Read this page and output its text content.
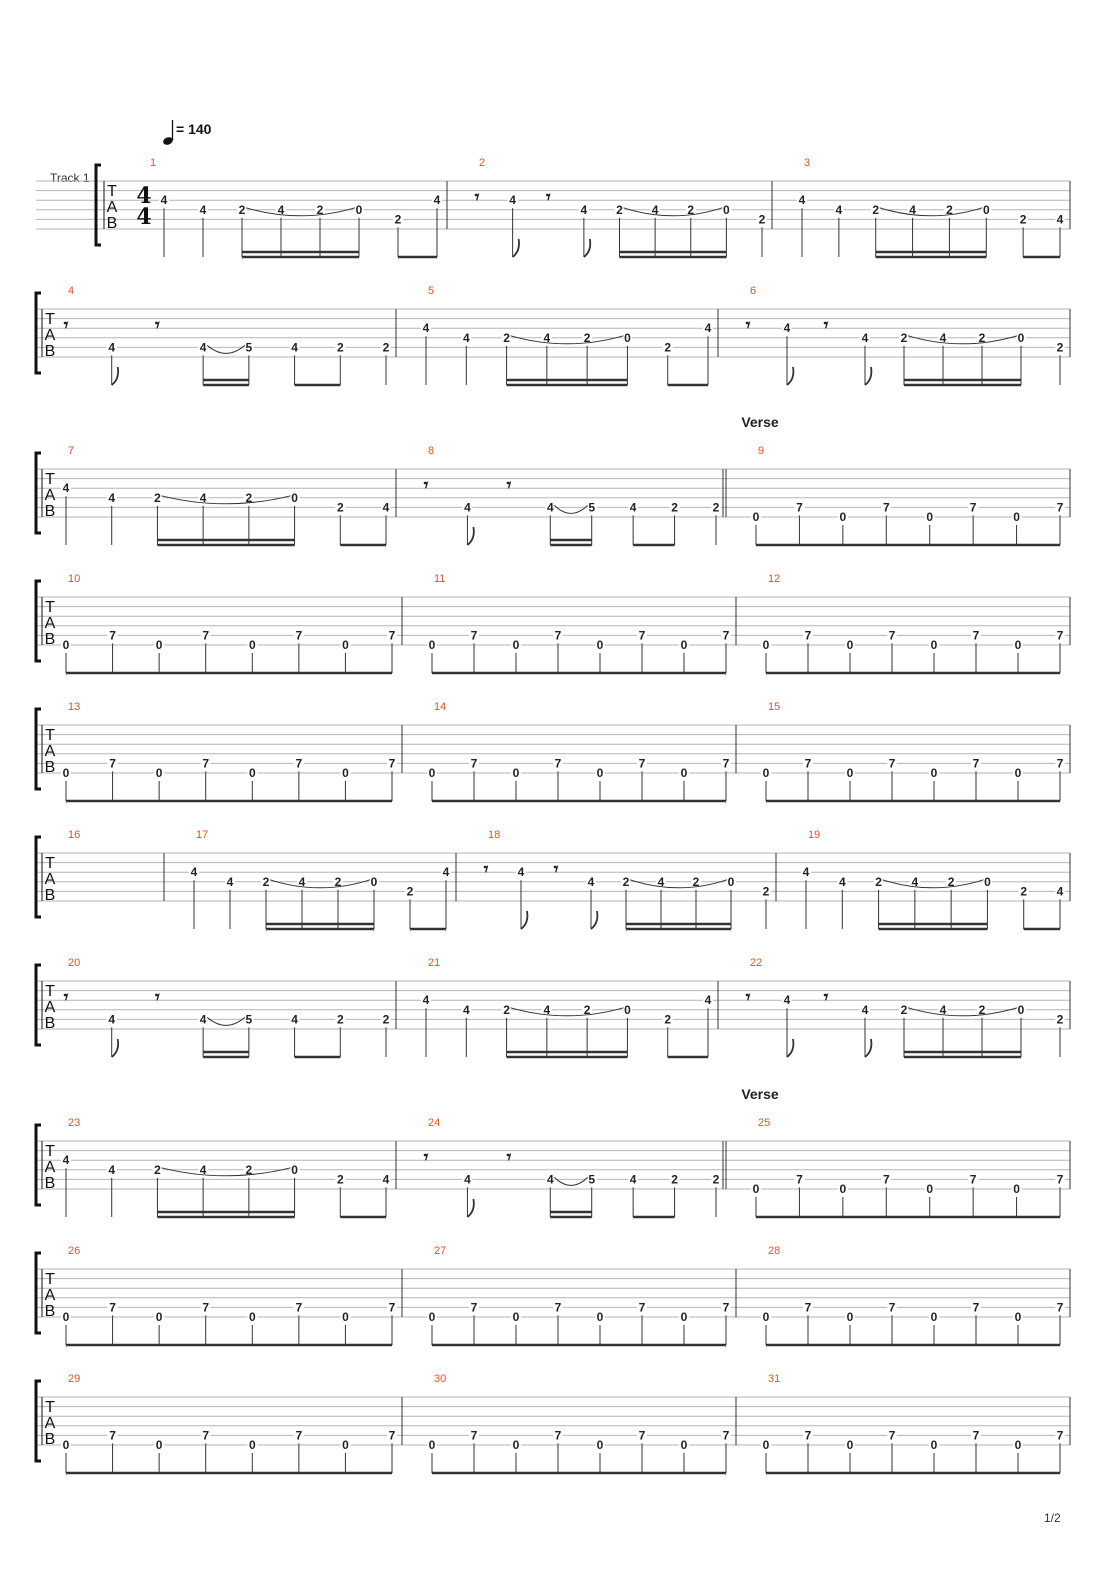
= 140
Track 1
T
A
B
4
4
1
4
4	2	4	2	0
2
4
2
𝄾 4 𝄾
4 2 4 2 0
2
3
4
4	2	4	2	0
2	4
T
A
B
4
𝄾
4
𝄾
4	5	4	2	2
5
4
4	2	4	2	0
2
4
6
𝄾	4 𝄾
4	2	4	2	0
2
T
A
B
7
4
4	2	4	2	0
2	4
8
𝄾
4
𝄾
4	5	4	2	2
9
Verse
0
7
0
7
0
7
0
7
T
A
B
10
0
7
0
7
0
7
0
7
11
0
7
0
7
0
7
0
7
12
0
7
0
7
0
7
0
7
T
A
B
13
0
7
0
7
0
7
0
7
14
0
7
0
7
0
7
0
7
15
0
7
0
7
0
7
0
7
T
A
B
16	17
4
4 2 4 2 0
2
4
18
𝄾 4 𝄾
4 2 4 2 0
2
19
4
4 2 4 2 0
2 4
T
A
B
20
𝄾
4
𝄾
4	5	4	2	2
21
4
4	2	4	2	0
2
4
22
𝄾	4 𝄾
4	2	4	2	0
2
T
A
B
23
4
4	2	4	2	0
2	4
24
𝄾
4
𝄾
4	5	4	2	2
25
Verse
0
7
0
7
0
7
0
7
T
A
B
26
0
7
0
7
0
7
0
7
27
0
7
0
7
0
7
0
7
28
0
7
0
7
0
7
0
7
T
A
B
29
0
7
0
7
0
7
0
7
30
0
7
0
7
0
7
0
7
31
0
7
0
7
0
7
0
7
1/2
